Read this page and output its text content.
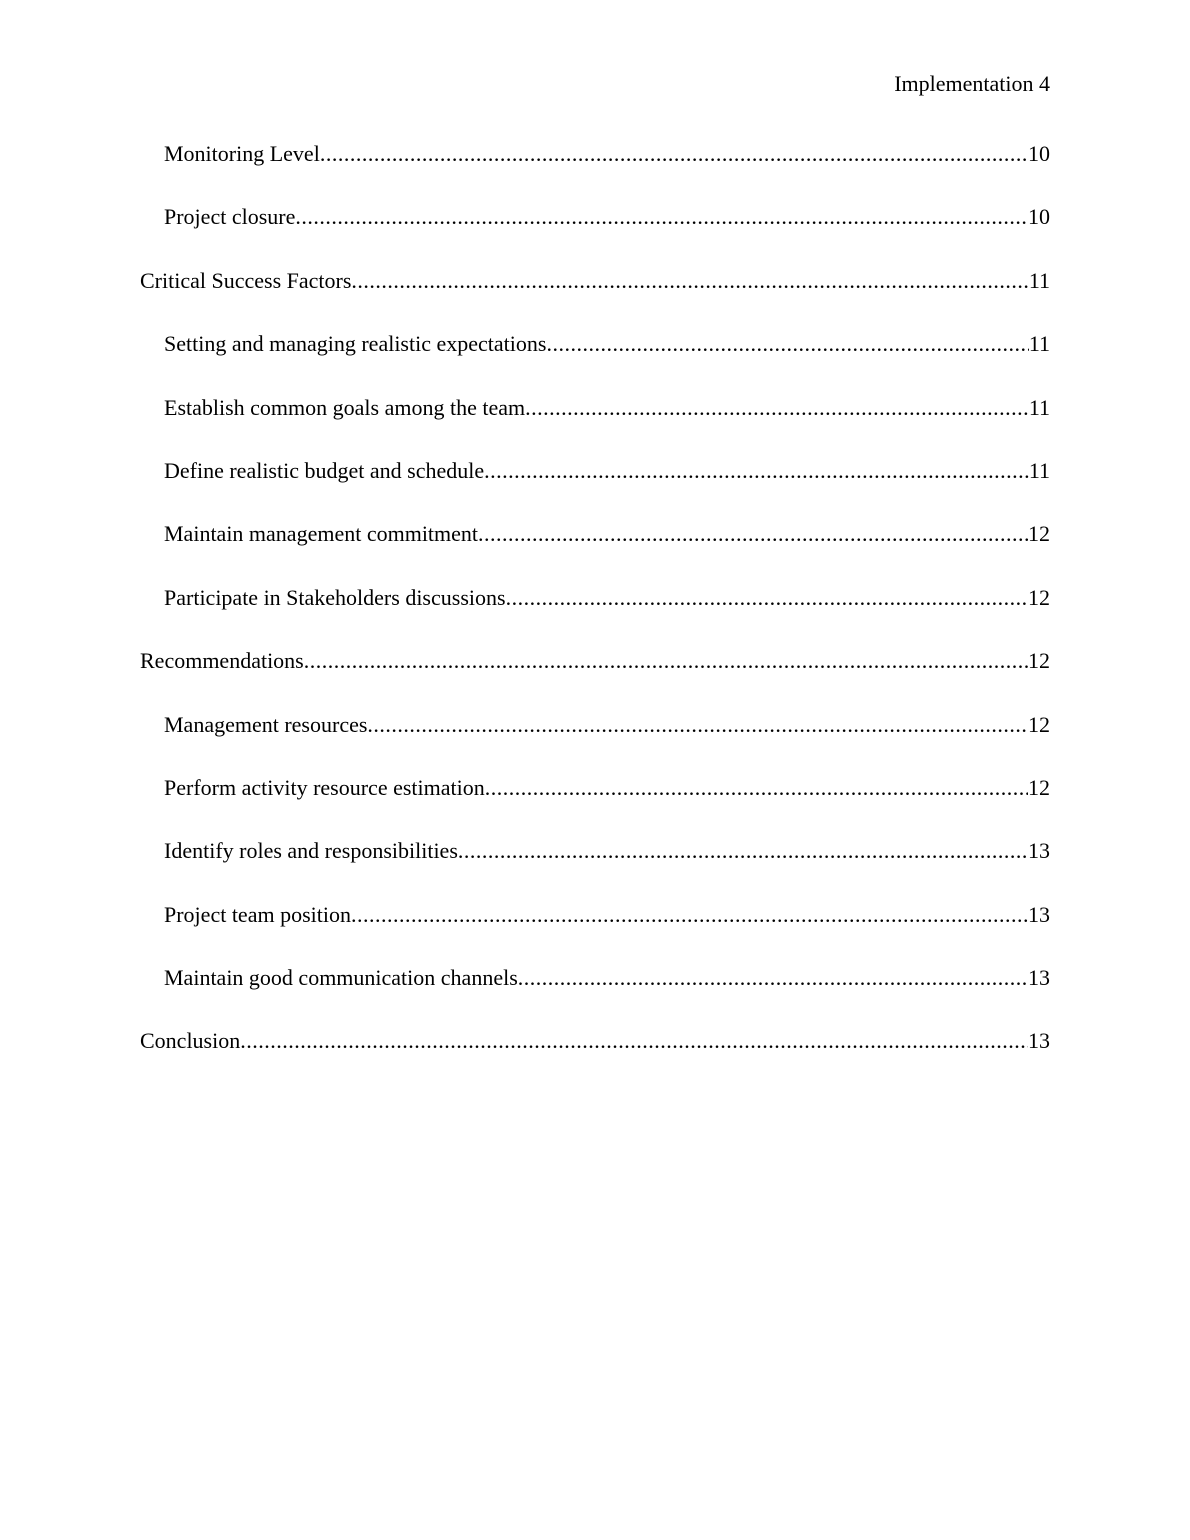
Implementation 4
Monitoring Level .....	10
Project closure .....	10
Critical Success Factors .....	11
Setting and managing realistic expectations .....	11
Establish common goals among the team .....	11
Define realistic budget and schedule .....	11
Maintain management commitment .....	12
Participate in Stakeholders discussions .....	12
Recommendations .....	12
Management resources .....	12
Perform activity resource estimation .....	12
Identify roles and responsibilities .....	13
Project team position .....	13
Maintain good communication channels .....	13
Conclusion .....	13
